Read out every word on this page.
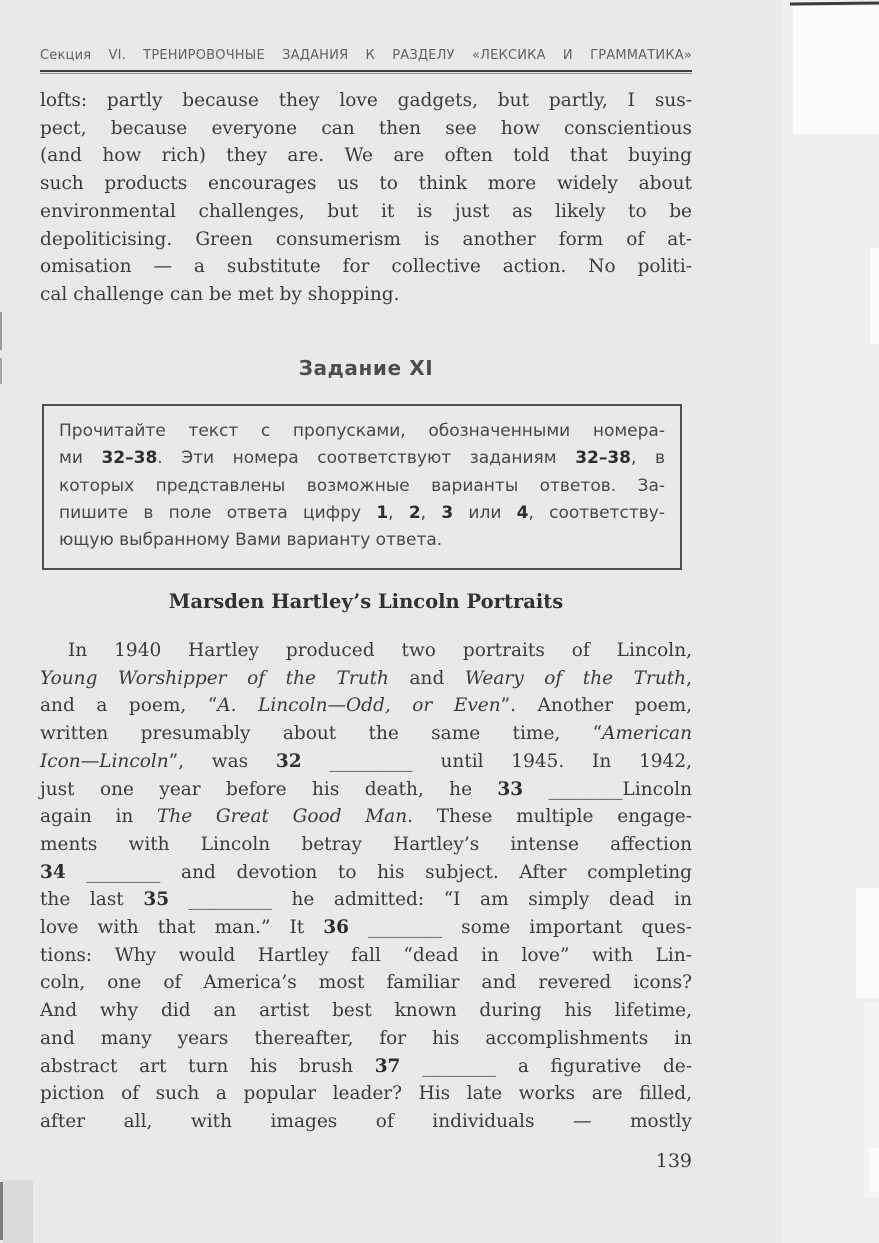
Секция VI. ТРЕНИРОВОЧНЫЕ ЗАДАНИЯ К РАЗДЕЛУ «ЛЕКСИКА И ГРАММАТИКА»
lofts: partly because they love gadgets, but partly, I sus-
pect, because everyone can then see how conscientious
(and how rich) they are. We are often told that buying
such products encourages us to think more widely about
environmental challenges, but it is just as likely to be
depoliticising. Green consumerism is another form of at-
omisation — a substitute for collective action. No politi-
cal challenge can be met by shopping.
Задание XI
Прочитайте текст с пропусками, обозначенными номера-
ми 32–38. Эти номера соответствуют заданиям 32–38, в
которых представлены возможные варианты ответов. За-
пишите в поле ответа цифру 1, 2, 3 или 4, соответству-
ющую выбранному Вами варианту ответа.
Marsden Hartley’s Lincoln Portraits
In 1940 Hartley produced two portraits of Lincoln,
Young Worshipper of the Truth and Weary of the Truth,
and a poem, “A. Lincoln—Odd, or Even”. Another poem,
written presumably about the same time, “American
Icon—Lincoln”, was 32 _________ until 1945. In 1942,
just one year before his death, he 33 ________Lincoln
again in The Great Good Man. These multiple engage-
ments with Lincoln betray Hartley’s intense affection
34 ________ and devotion to his subject. After completing
the last 35 _________ he admitted: “I am simply dead in
love with that man.” It 36 ________ some important ques-
tions: Why would Hartley fall “dead in love” with Lin-
coln, one of America’s most familiar and revered icons?
And why did an artist best known during his lifetime,
and many years thereafter, for his accomplishments in
abstract art turn his brush 37 ________ a figurative de-
piction of such a popular leader? His late works are filled,
after all, with images of individuals — mostly
139
